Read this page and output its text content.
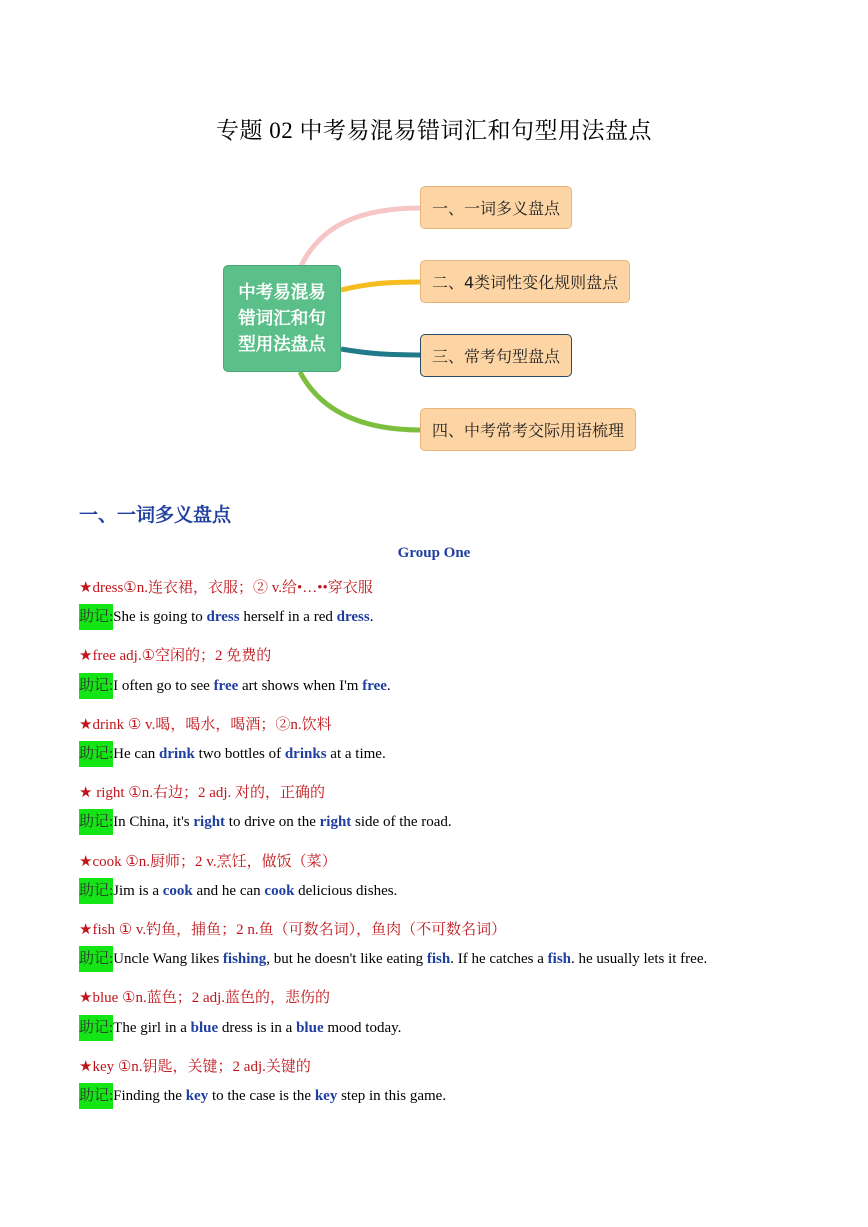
专题 02 中考易混易错词汇和句型用法盘点
中考易混易错词汇和句型用法盘点
一、一词多义盘点
二、4类词性变化规则盘点
三、常考句型盘点
四、中考常考交际用语梳理
一、一词多义盘点
Group One
★dress①n.连衣裙，衣服；② v.给•…••穿衣服
助记:She is going to dress herself in a red dress.
★free adj.①空闲的；2 免费的
助记:I often go to see free art shows when I'm free.
★drink ① v.喝，喝水，喝酒；②n.饮料
助记:He can drink two bottles of drinks at a time.
★ right ①n.右边；2 adj. 对的，正确的
助记:In China, it's right to drive on the right side of the road.
★cook ①n.厨师；2 v.烹饪，做饭（菜）
助记:Jim is a cook and he can cook delicious dishes.
★fish ① v.钓鱼，捕鱼；2 n.鱼（可数名词），鱼肉（不可数名词）
助记:Uncle Wang likes fishing, but he doesn't like eating fish. If he catches a fish. he usually lets it free.
★blue ①n.蓝色；2 adj.蓝色的，悲伤的
助记:The girl in a blue dress is in a blue mood today.
★key ①n.钥匙，关键；2 adj.关键的
助记:Finding the key to the case is the key step in this game.
